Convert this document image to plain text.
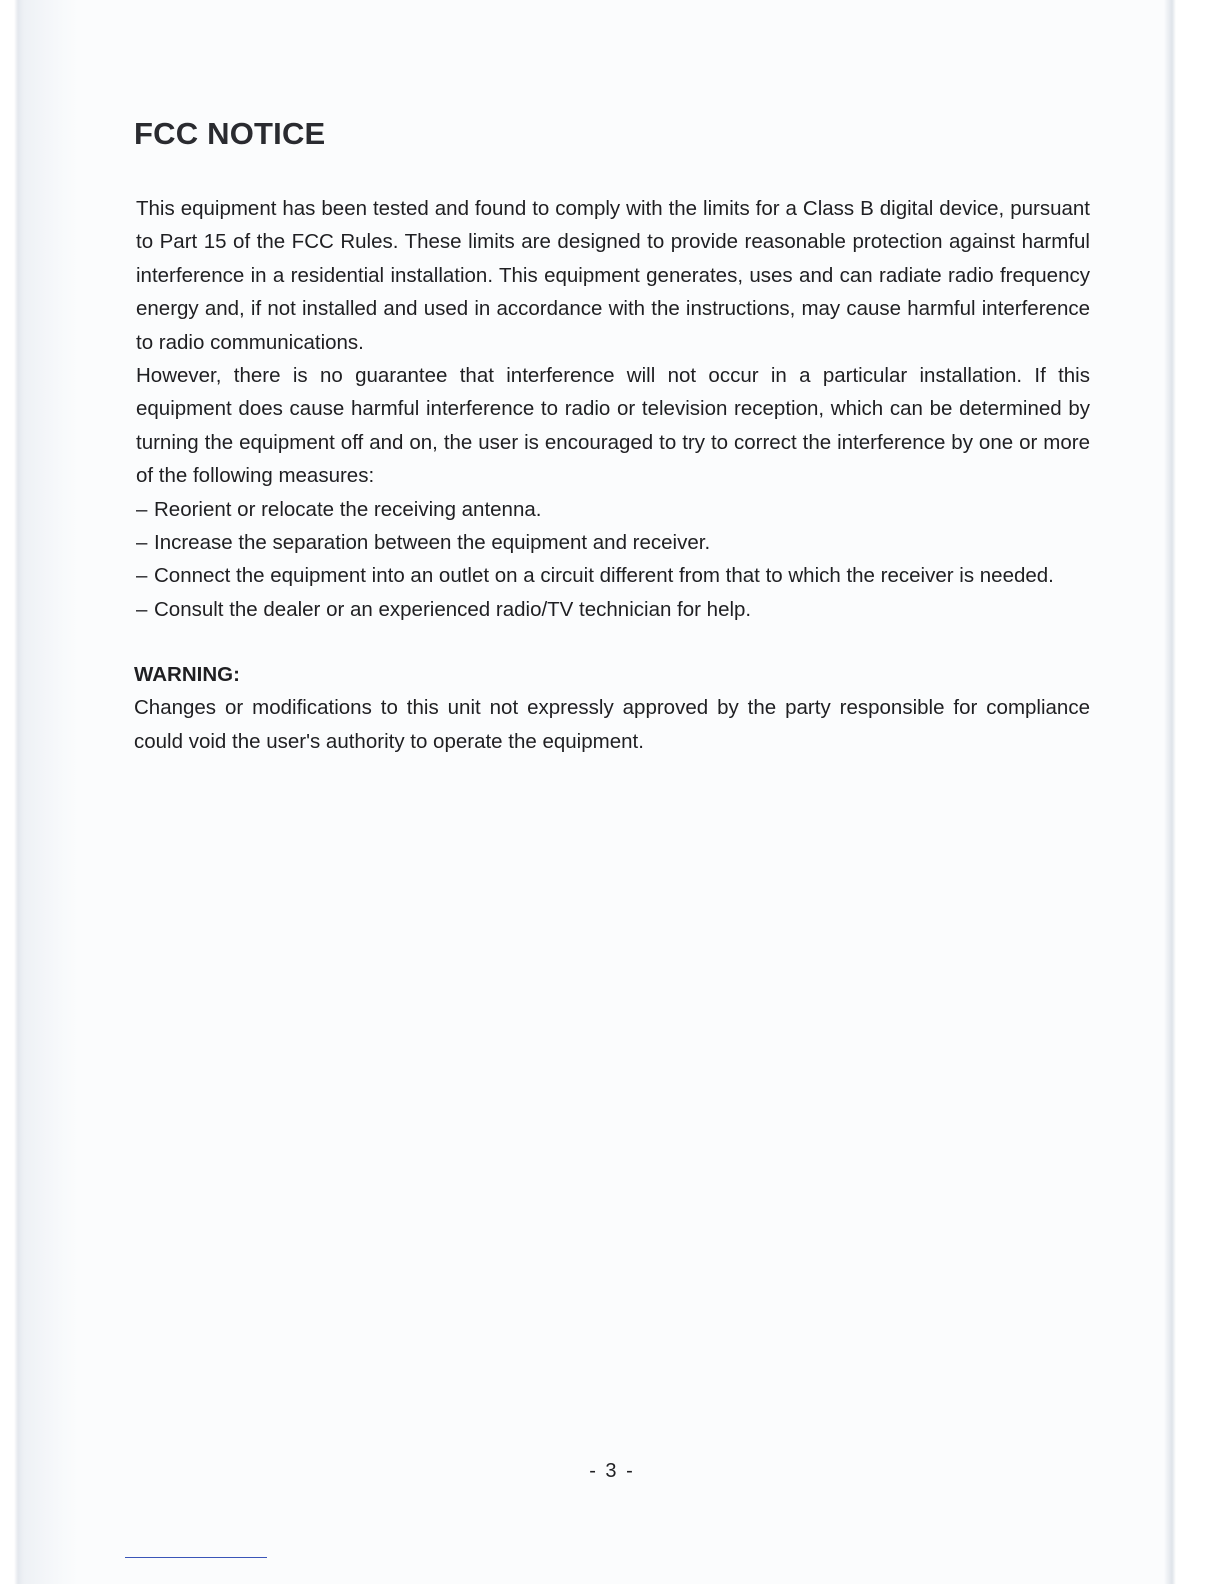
FCC NOTICE

This equipment has been tested and found to comply with the limits for a Class B digital device, pursuant to Part 15 of the FCC Rules. These limits are designed to provide reasonable protection against harmful interference in a residential installation. This equipment generates, uses and can radiate radio frequency energy and, if not installed and used in accordance with the instructions, may cause harmful interference to radio communications.

However, there is no guarantee that interference will not occur in a particular installation. If this equipment does cause harmful interference to radio or television reception, which can be determined by turning the equipment off and on, the user is encouraged to try to correct the interference by one or more of the following measures:

– Reorient or relocate the receiving antenna.
– Increase the separation between the equipment and receiver.
– Connect the equipment into an outlet on a circuit different from that to which the receiver is needed.
– Consult the dealer or an experienced radio/TV technician for help.
WARNING:

Changes or modifications to this unit not expressly approved by the party responsible for compliance could void the user's authority to operate the equipment.

- 3 -
